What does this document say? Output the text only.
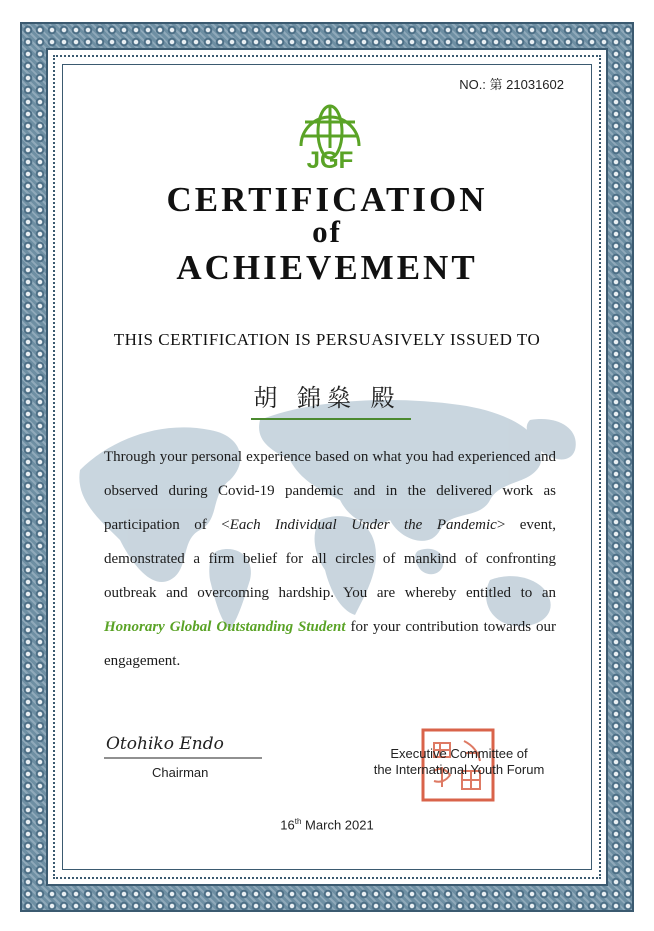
NO.: 第 21031602
JGF
CERTIFICATION
of
ACHIEVEMENT
THIS CERTIFICATION IS PERSUASIVELY ISSUED TO
胡 錦燊 殿
Through your personal experience based on what you had experienced and observed during Covid-19 pandemic and in the delivered work as participation of <Each Individual Under the Pandemic> event, demonstrated a firm belief for all circles of mankind of confronting outbreak and overcoming hardship. You are whereby entitled to an Honorary Global Outstanding Student for your contribution towards our engagement.
Otohiko Endo
Chairman
Executive Committee of
the International Youth Forum
16th March 2021
